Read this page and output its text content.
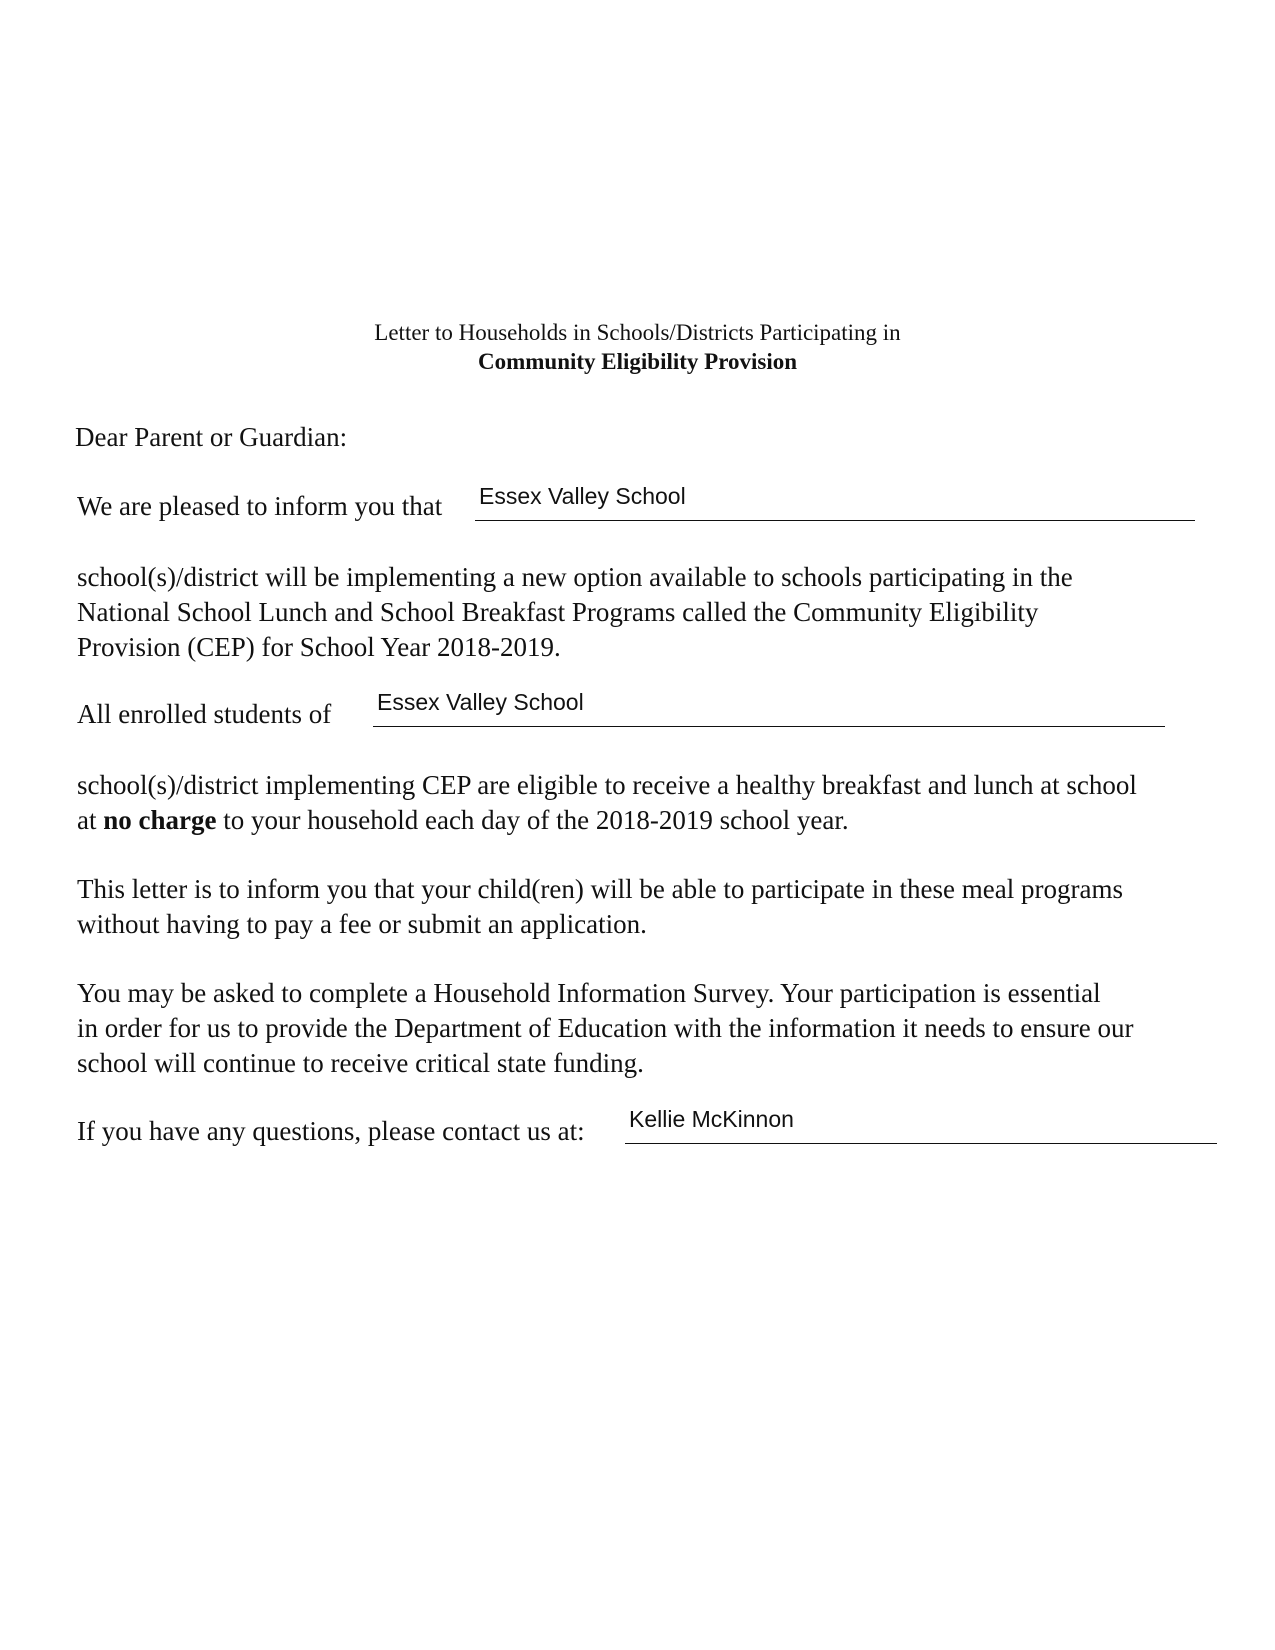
Letter to Households in Schools/Districts Participating in
Community Eligibility Provision
Dear Parent or Guardian:
We are pleased to inform you that Essex Valley School
school(s)/district will be implementing a new option available to schools participating in the
National School Lunch and School Breakfast Programs called the Community Eligibility
Provision (CEP) for School Year 2018-2019.
All enrolled students of Essex Valley School
school(s)/district implementing CEP are eligible to receive a healthy breakfast and lunch at school
at no charge to your household each day of the 2018-2019 school year.
This letter is to inform you that your child(ren) will be able to participate in these meal programs
without having to pay a fee or submit an application.
You may be asked to complete a Household Information Survey. Your participation is essential
in order for us to provide the Department of Education with the information it needs to ensure our
school will continue to receive critical state funding.
If you have any questions, please contact us at: Kellie McKinnon
